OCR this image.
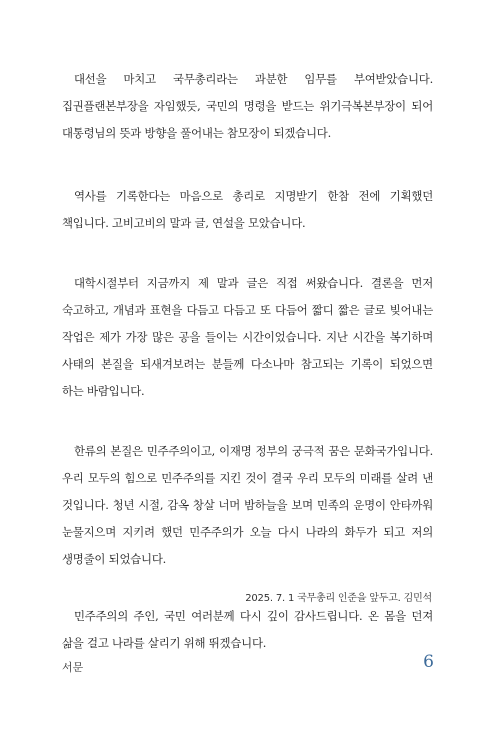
대선을 마치고 국무총리라는 과분한 임무를 부여받았습니다. 집권플랜본부장을 자임했듯, 국민의 명령을 받드는 위기극복본부장이 되어 대통령님의 뜻과 방향을 풀어내는 참모장이 되겠습니다.

역사를 기록한다는 마음으로 총리로 지명받기 한참 전에 기획했던 책입니다. 고비고비의 말과 글, 연설을 모았습니다.

대학시절부터 지금까지 제 말과 글은 직접 써왔습니다. 결론을 먼저 숙고하고, 개념과 표현을 다듬고 다듬고 또 다듬어 짧디 짧은 글로 빚어내는 작업은 제가 가장 많은 공을 들이는 시간이었습니다. 지난 시간을 복기하며 사태의 본질을 되새겨보려는 분들께 다소나마 참고되는 기록이 되었으면 하는 바람입니다.

한류의 본질은 민주주의이고, 이재명 정부의 궁극적 꿈은 문화국가입니다. 우리 모두의 힘으로 민주주의를 지킨 것이 결국 우리 모두의 미래를 살려 낸 것입니다. 청년 시절, 감옥 창살 너머 밤하늘을 보며 민족의 운명이 안타까워 눈물지으며 지키려 했던 민주주의가 오늘 다시 나라의 화두가 되고 저의 생명줄이 되었습니다.

민주주의의 주인, 국민 여러분께 다시 깊이 감사드립니다. 온 몸을 던져 삶을 걸고 나라를 살리기 위해 뛰겠습니다.

2025. 7. 1 국무총리 인준을 앞두고. 김민석
서문	6
